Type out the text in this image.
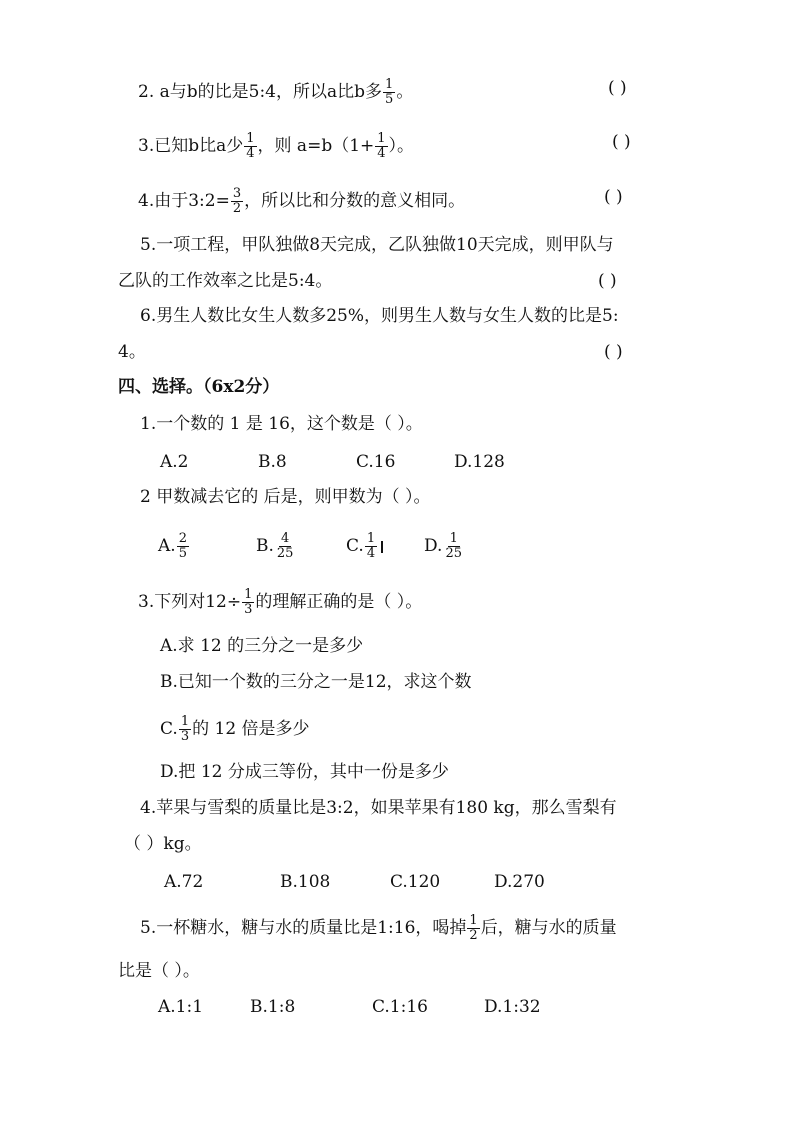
2. a与b的比是5:4，所以a比b多 $\frac{1}{5}$ 。	( )
3.已知b比a少 $\frac{1}{4}$ ，则 $a=b(1+ \frac{1}{4}$ ）。	( )
4.由于3:2= $\frac{3}{2}$ ，所以比和分数的意义相同。	( )
5.一项工程，甲队独做8天完成，乙队独做10天完成，则甲队与
乙队的工作效率之比是5:4。	( )
6.男生人数比女生人数多25%，则男生人数与女生人数的比是5:
4。	( )
四、选择。（6x2分）
1.一个数的 1 是 16，这个数是（ ）。
A.2	B.8	C.16	D.128
2 甲数减去它的 后是，则甲数为（ ）。
A. $\frac{2}{5}$	B. $\frac{4}{25}$	C. $\frac{1}{4}$	D. $\frac{1}{25}$
3.下列对$12\div \frac{1}{3}$ 的理解正确的是（ ）。
A.求 12 的三分之一是多少
B.已知一个数的三分之一是12，求这个数
C. $\frac{1}{3}$ 的 12 倍是多少
D.把 12 分成三等份，其中一份是多少
4.苹果与雪梨的质量比是3:2，如果苹果有180 kg，那么雪梨有
（ ）kg。
A.72	B.108	C.120	D.270
5.一杯糖水，糖与水的质量比是1:16，喝掉 $\frac{1}{2}$ 后，糖与水的质量
比是（ ）。
A.1:1	B.1:8	C.1:16	D.1:32
